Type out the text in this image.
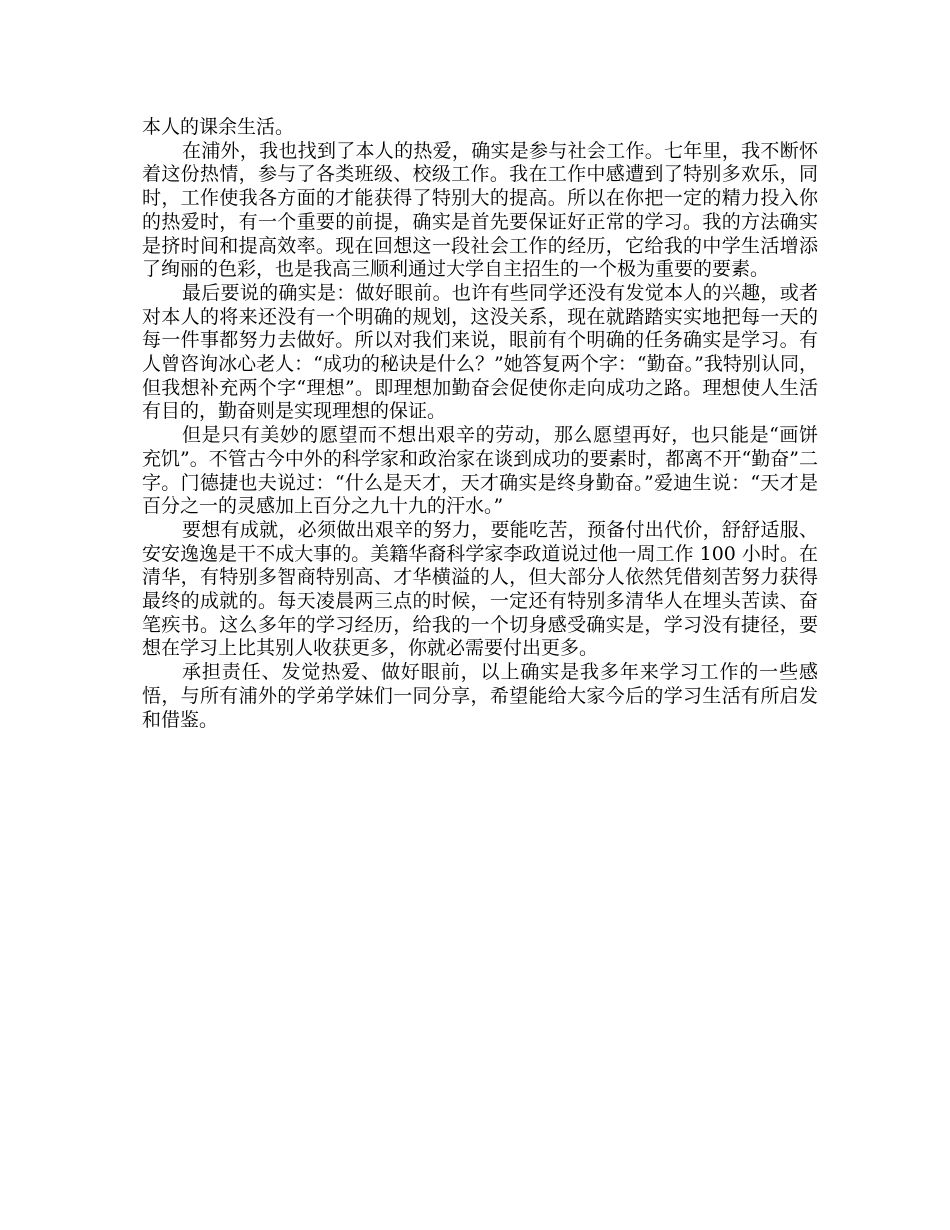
本人的课余生活。

在浦外，我也找到了本人的热爱，确实是参与社会工作。七年里，我不断怀着这份热情，参与了各类班级、校级工作。我在工作中感遭到了特别多欢乐，同时，工作使我各方面的才能获得了特别大的提高。所以在你把一定的精力投入你的热爱时，有一个重要的前提，确实是首先要保证好正常的学习。我的方法确实是挤时间和提高效率。现在回想这一段社会工作的经历，它给我的中学生活增添了绚丽的色彩，也是我高三顺利通过大学自主招生的一个极为重要的要素。

最后要说的确实是：做好眼前。也许有些同学还没有发觉本人的兴趣，或者对本人的将来还没有一个明确的规划，这没关系，现在就踏踏实实地把每一天的每一件事都努力去做好。所以对我们来说，眼前有个明确的任务确实是学习。有人曾咨询冰心老人：“成功的秘诀是什么？”她答复两个字：“勤奋。”我特别认同，但我想补充两个字“理想”。即理想加勤奋会促使你走向成功之路。理想使人生活有目的，勤奋则是实现理想的保证。

但是只有美妙的愿望而不想出艰辛的劳动，那么愿望再好，也只能是“画饼充饥”。不管古今中外的科学家和政治家在谈到成功的要素时，都离不开“勤奋”二字。门德捷也夫说过：“什么是天才，天才确实是终身勤奋。”爱迪生说：“天才是百分之一的灵感加上百分之九十九的汗水。”

要想有成就，必须做出艰辛的努力，要能吃苦，预备付出代价，舒舒适服、安安逸逸是干不成大事的。美籍华裔科学家李政道说过他一周工作 100 小时。在清华，有特别多智商特别高、才华横溢的人，但大部分人依然凭借刻苦努力获得最终的成就的。每天凌晨两三点的时候，一定还有特别多清华人在埋头苦读、奋笔疾书。这么多年的学习经历，给我的一个切身感受确实是，学习没有捷径，要想在学习上比其别人收获更多，你就必需要付出更多。

承担责任、发觉热爱、做好眼前，以上确实是我多年来学习工作的一些感悟，与所有浦外的学弟学妹们一同分享，希望能给大家今后的学习生活有所启发和借鉴。
